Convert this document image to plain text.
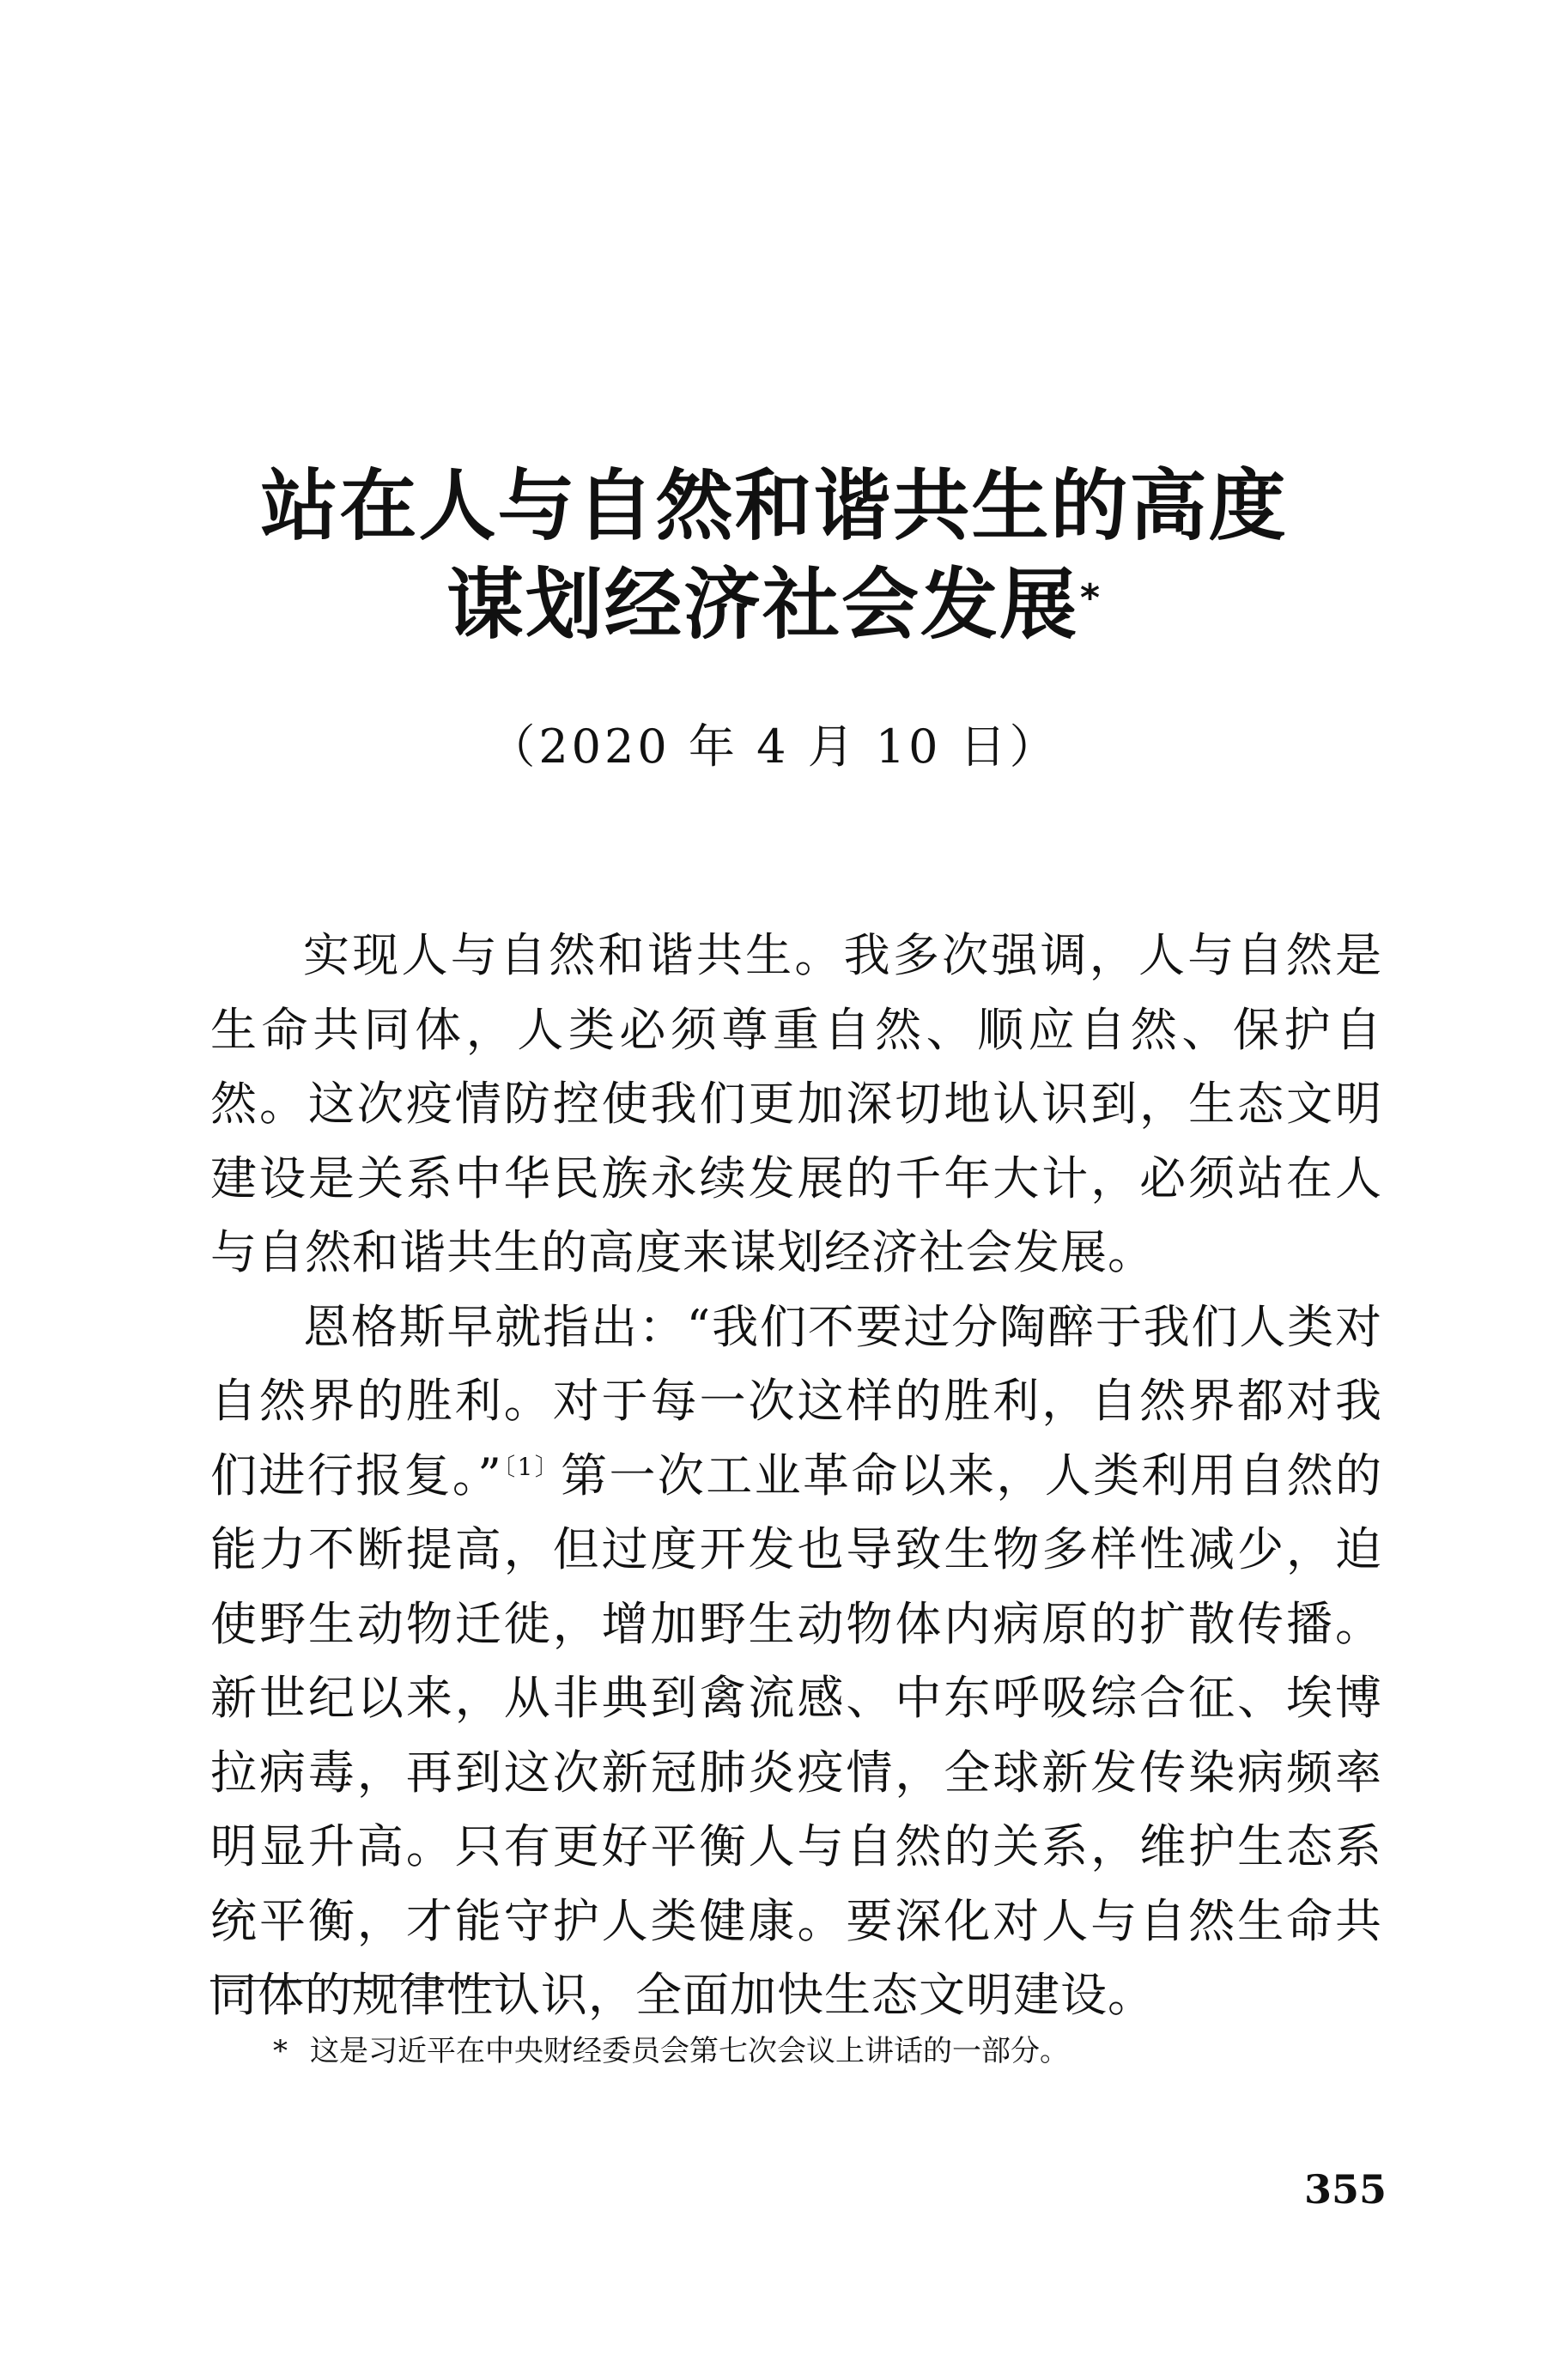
站在人与自然和谐共生的高度
谋划经济社会发展*
（2020 年 4 月 10 日）

实现人与自然和谐共生。我多次强调，人与自然是生命共同体，人类必须尊重自然、顺应自然、保护自然。这次疫情防控使我们更加深切地认识到，生态文明建设是关系中华民族永续发展的千年大计，必须站在人与自然和谐共生的高度来谋划经济社会发展。

恩格斯早就指出：“我们不要过分陶醉于我们人类对自然界的胜利。对于每一次这样的胜利，自然界都对我们进行报复。”$^{〔1〕}$第一次工业革命以来，人类利用自然的能力不断提高，但过度开发也导致生物多样性减少，迫使野生动物迁徙，增加野生动物体内病原的扩散传播。新世纪以来，从非典到禽流感、中东呼吸综合征、埃博拉病毒，再到这次新冠肺炎疫情，全球新发传染病频率明显升高。只有更好平衡人与自然的关系，维护生态系统平衡，才能守护人类健康。要深化对人与自然生命共同体的规律性认识，全面加快生态文明建设。

* 这是习近平在中央财经委员会第七次会议上讲话的一部分。
355
